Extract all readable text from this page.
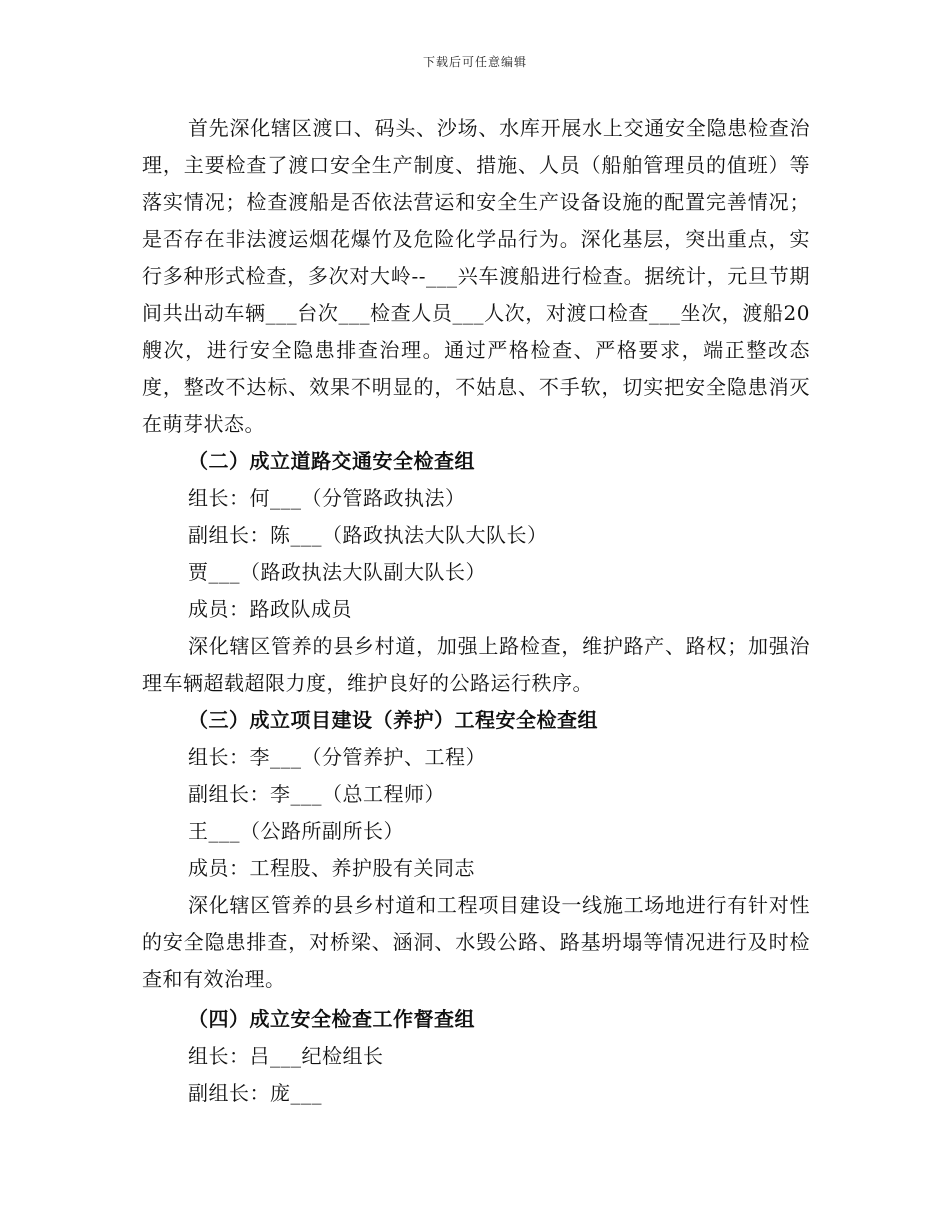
下载后可任意编辑

首先深化辖区渡口、码头、沙场、水库开展水上交通安全隐患检查治理，主要检查了渡口安全生产制度、措施、人员（船舶管理员的值班）等落实情况；检查渡船是否依法营运和安全生产设备设施的配置完善情况；是否存在非法渡运烟花爆竹及危险化学品行为。深化基层，突出重点，实行多种形式检查，多次对大岭--___兴车渡船进行检查。据统计，元旦节期间共出动车辆___台次___检查人员___人次，对渡口检查___坐次，渡船20艘次，进行安全隐患排查治理。通过严格检查、严格要求，端正整改态度，整改不达标、效果不明显的，不姑息、不手软，切实把安全隐患消灭在萌芽状态。

（二）成立道路交通安全检查组

组长：何___（分管路政执法）

副组长：陈___（路政执法大队大队长）

贾___（路政执法大队副大队长）

成员：路政队成员

深化辖区管养的县乡村道，加强上路检查，维护路产、路权；加强治理车辆超载超限力度，维护良好的公路运行秩序。

（三）成立项目建设（养护）工程安全检查组

组长：李___（分管养护、工程）

副组长：李___（总工程师）

王___（公路所副所长）

成员：工程股、养护股有关同志

深化辖区管养的县乡村道和工程项目建设一线施工场地进行有针对性的安全隐患排查，对桥梁、涵洞、水毁公路、路基坍塌等情况进行及时检查和有效治理。

（四）成立安全检查工作督查组

组长：吕___纪检组长

副组长：庞___
